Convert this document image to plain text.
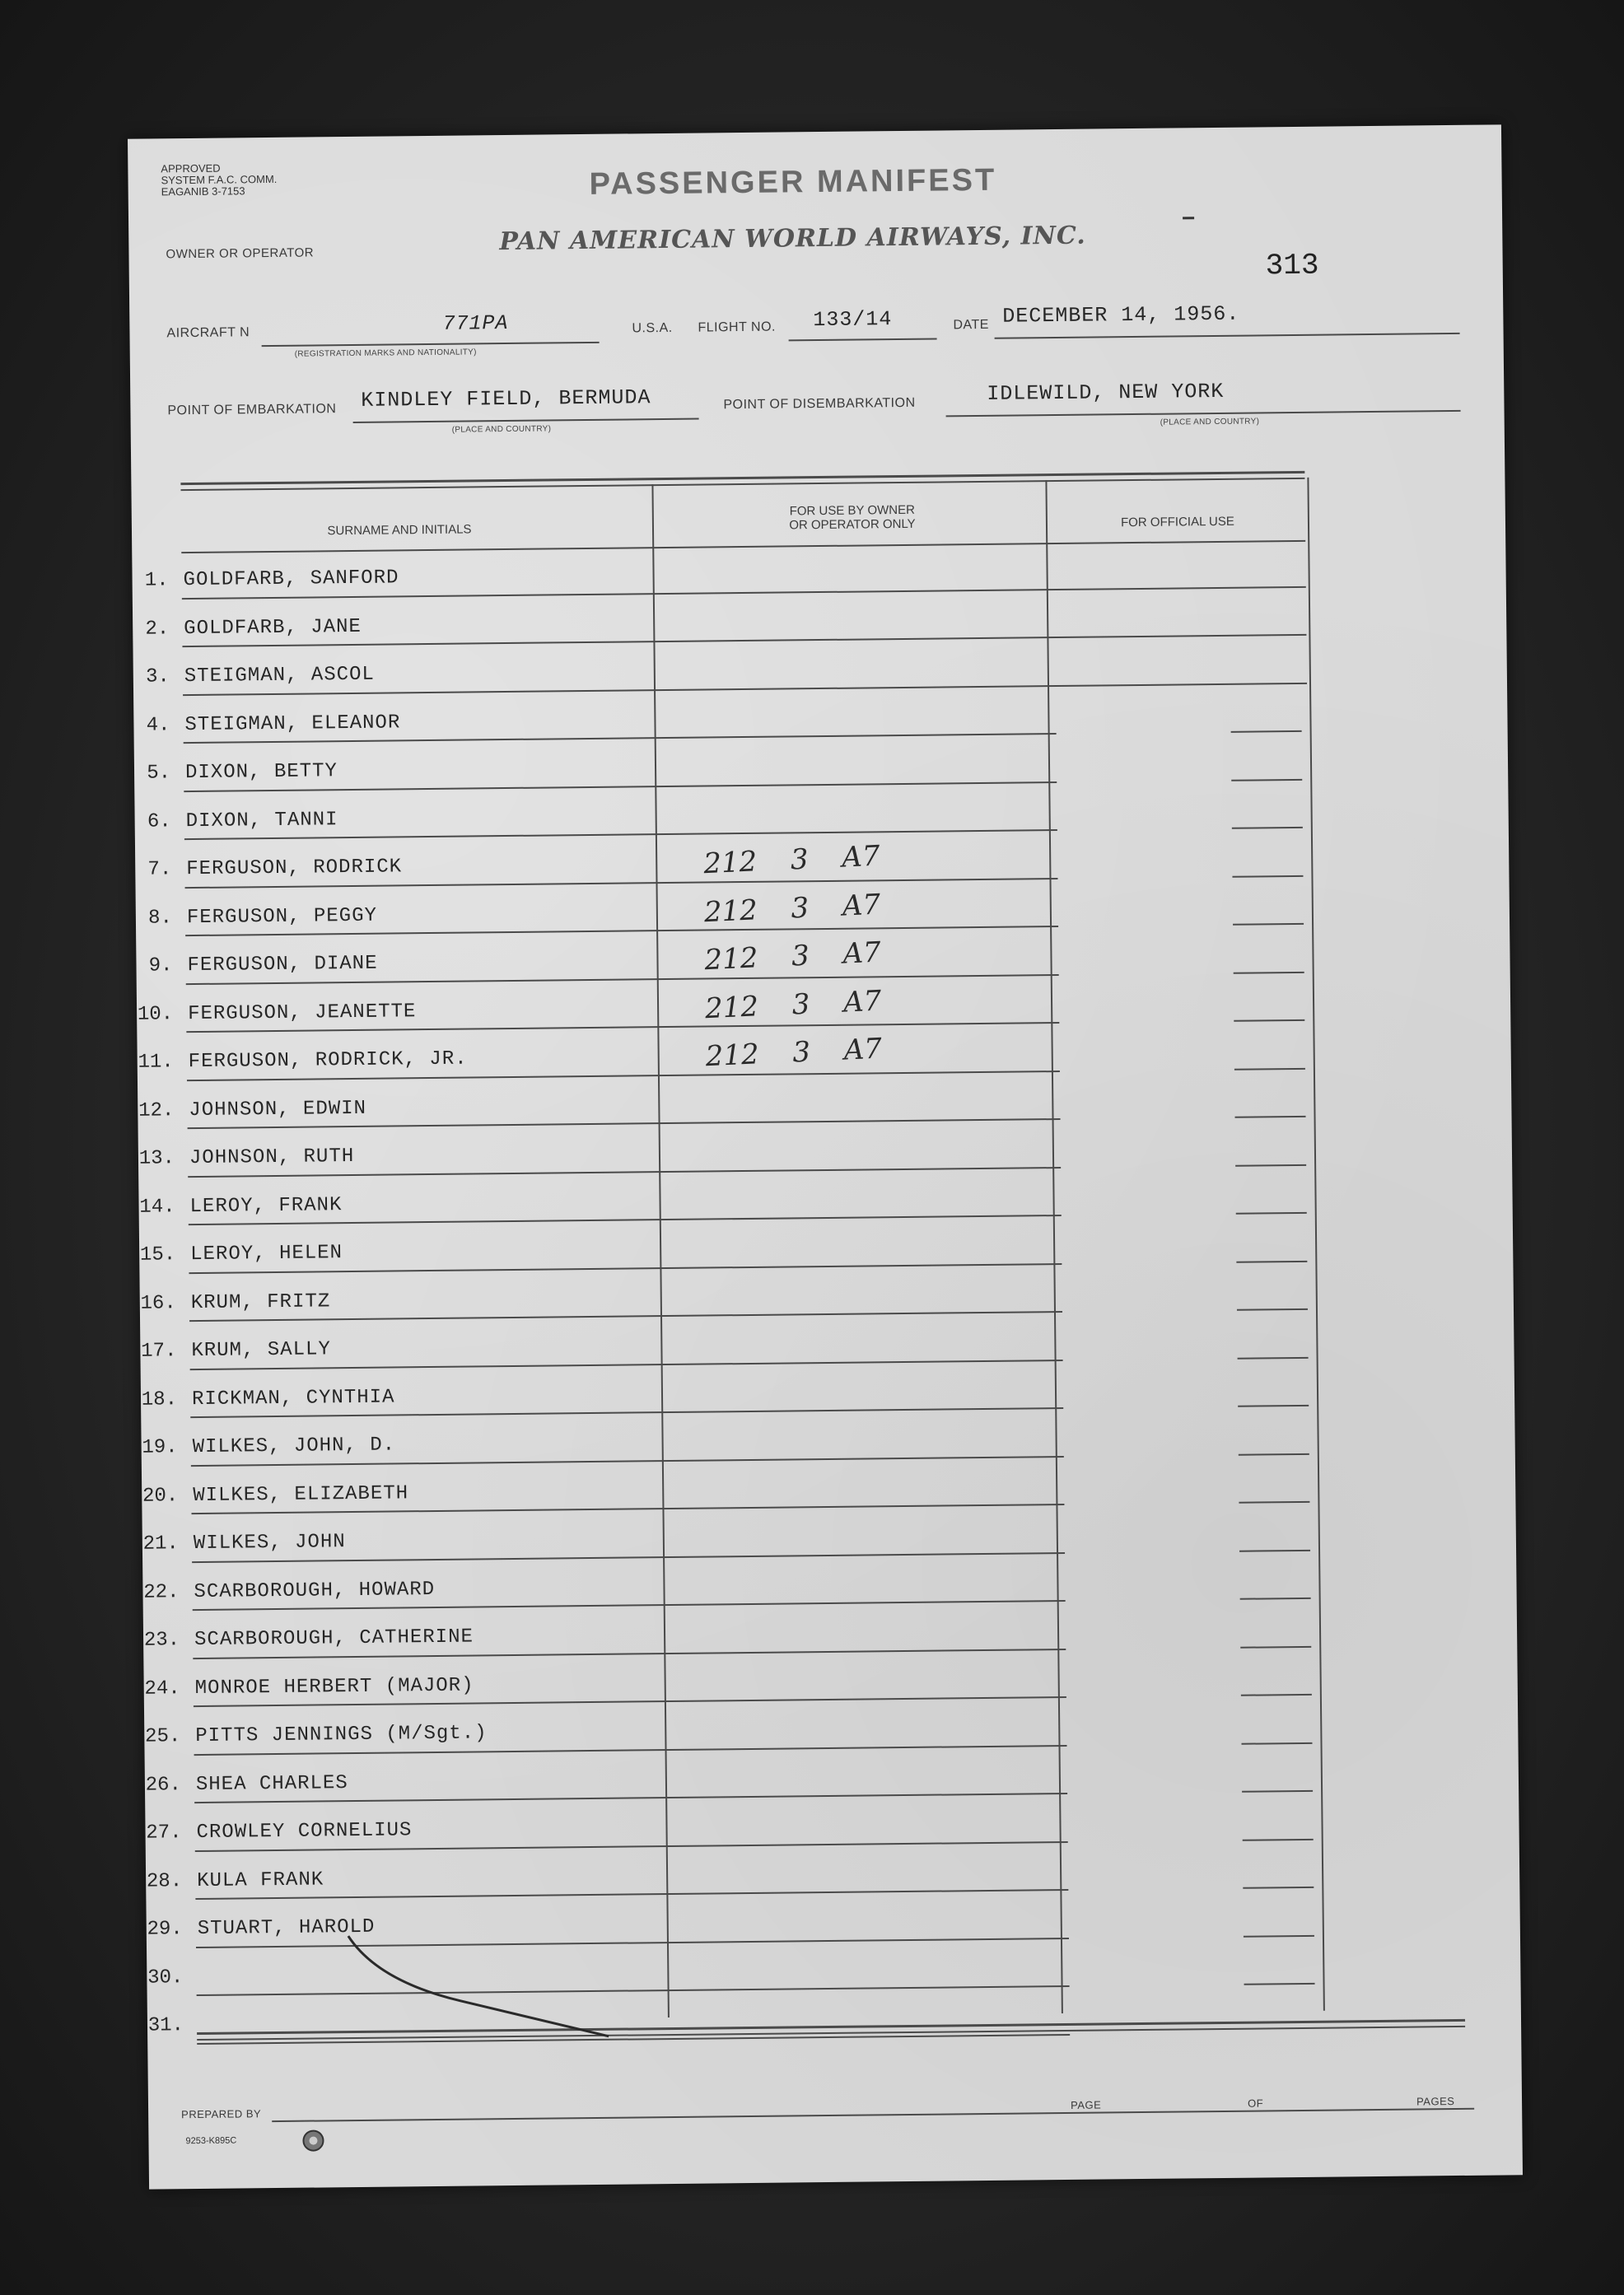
APPROVED
SYSTEM F.A.C. COMM.
EAGANIB 3-7153	PASSENGER MANIFEST
OWNER OR OPERATOR	PAN AMERICAN WORLD AIRWAYS, INC.
313
AIRCRAFT N	771PA
(REGISTRATION MARKS AND NATIONALITY)
U.S.A. FLIGHT NO. 133/14	DATE DECEMBER 14, 1956.
POINT OF EMBARKATION KINDLEY FIELD, BERMUDA
(PLACE AND COUNTRY)
POINT OF DISEMBARKATION	IDLEWILD, NEW YORK
(PLACE AND COUNTRY)
SURNAME AND INITIALS
FOR USE BY OWNER
OR OPERATOR ONLY	FOR OFFICIAL USE
1. GOLDFARB, SANFORD
2. GOLDFARB, JANE
3. STEIGMAN, ASCOL
4. STEIGMAN, ELEANOR
5. DIXON, BETTY
6. DIXON, TANNI
7. FERGUSON, RODRICK	212 3 A7
8. FERGUSON, PEGGY	212 3 A7
9. FERGUSON, DIANE	212 3 A7
10. FERGUSON, JEANETTE	212 3 A7
11. FERGUSON, RODRICK, JR.	212 3 A7
12. JOHNSON, EDWIN
13. JOHNSON, RUTH
14. LEROY, FRANK
15. LEROY, HELEN
16. KRUM, FRITZ
17. KRUM, SALLY
18. RICKMAN, CYNTHIA
19. WILKES, JOHN, D.
20. WILKES, ELIZABETH
21. WILKES, JOHN
22. SCARBOROUGH, HOWARD
23. SCARBOROUGH, CATHERINE
24. MONROE HERBERT (MAJOR)
25. PITTS JENNINGS (M/Sgt.)
26. SHEA CHARLES
27. CROWLEY CORNELIUS
28. KULA FRANK
29. STUART, HAROLD
30.
31.
PREPARED BY
9253-K895C
PAGE	OF	PAGES
